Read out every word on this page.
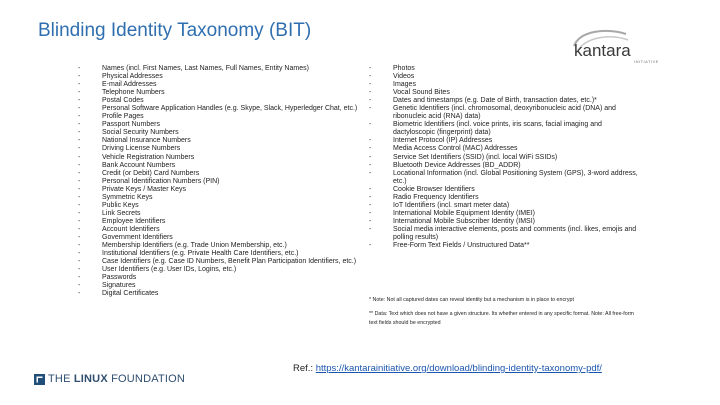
Blinding Identity Taxonomy (BIT)
kantara
INITIATIVE
- Names (incl. First Names, Last Names, Full Names, Entity Names)
- Physical Addresses
- E-mail Addresses
- Telephone Numbers
- Postal Codes
- Personal Software Application Handles (e.g. Skype, Slack, Hyperledger Chat, etc.)
- Profile Pages
- Passport Numbers
- Social Security Numbers
- National Insurance Numbers
- Driving License Numbers
- Vehicle Registration Numbers
- Bank Account Numbers
- Credit (or Debit) Card Numbers
- Personal Identification Numbers (PIN)
- Private Keys / Master Keys
- Symmetric Keys
- Public Keys
- Link Secrets
- Employee Identifiers
- Account Identifiers
- Government Identifiers
- Membership Identifiers (e.g. Trade Union Membership, etc.)
- Institutional Identifiers (e.g. Private Health Care Identifiers, etc.)
- Case Identifiers (e.g. Case ID Numbers, Benefit Plan Participation Identifiers, etc.)
- User Identifiers (e.g. User IDs, Logins, etc.)
- Passwords
- Signatures
- Digital Certificates
- Photos
- Videos
- Images
- Vocal Sound Bites
- Dates and timestamps (e.g. Date of Birth, transaction dates, etc.)*
- Genetic Identifiers (incl. chromosomal, deoxyribonucleic acid (DNA) and ribonucleic acid (RNA) data)
- Biometric Identifiers (incl. voice prints, iris scans, facial imaging and dactyloscopic (fingerprint) data)
- Internet Protocol (IP) Addresses
- Media Access Control (MAC) Addresses
- Service Set Identifiers (SSID) (incl. local WiFi SSIDs)
- Bluetooth Device Addresses (BD_ADDR)
- Locational Information (incl. Global Positioning System (GPS), 3-word address, etc.)
- Cookie Browser Identifiers
- Radio Frequency Identifiers
- IoT Identifiers (incl. smart meter data)
- International Mobile Equipment Identity (IMEI)
- International Mobile Subscriber Identity (IMSI)
- Social media interactive elements, posts and comments (incl. likes, emojis and polling results)
- Free-Form Text Fields / Unstructured Data**

* Note: Not all captured dates can reveal identity but a mechanism is in place to encrypt

** Data: Text which does not have a given structure. Its whether entered in any specific format. Note: All free-form text fields should be encrypted

Ref.: https://kantarainitiative.org/download/blinding-identity-taxonomy-pdf/
THE LINUX FOUNDATION
